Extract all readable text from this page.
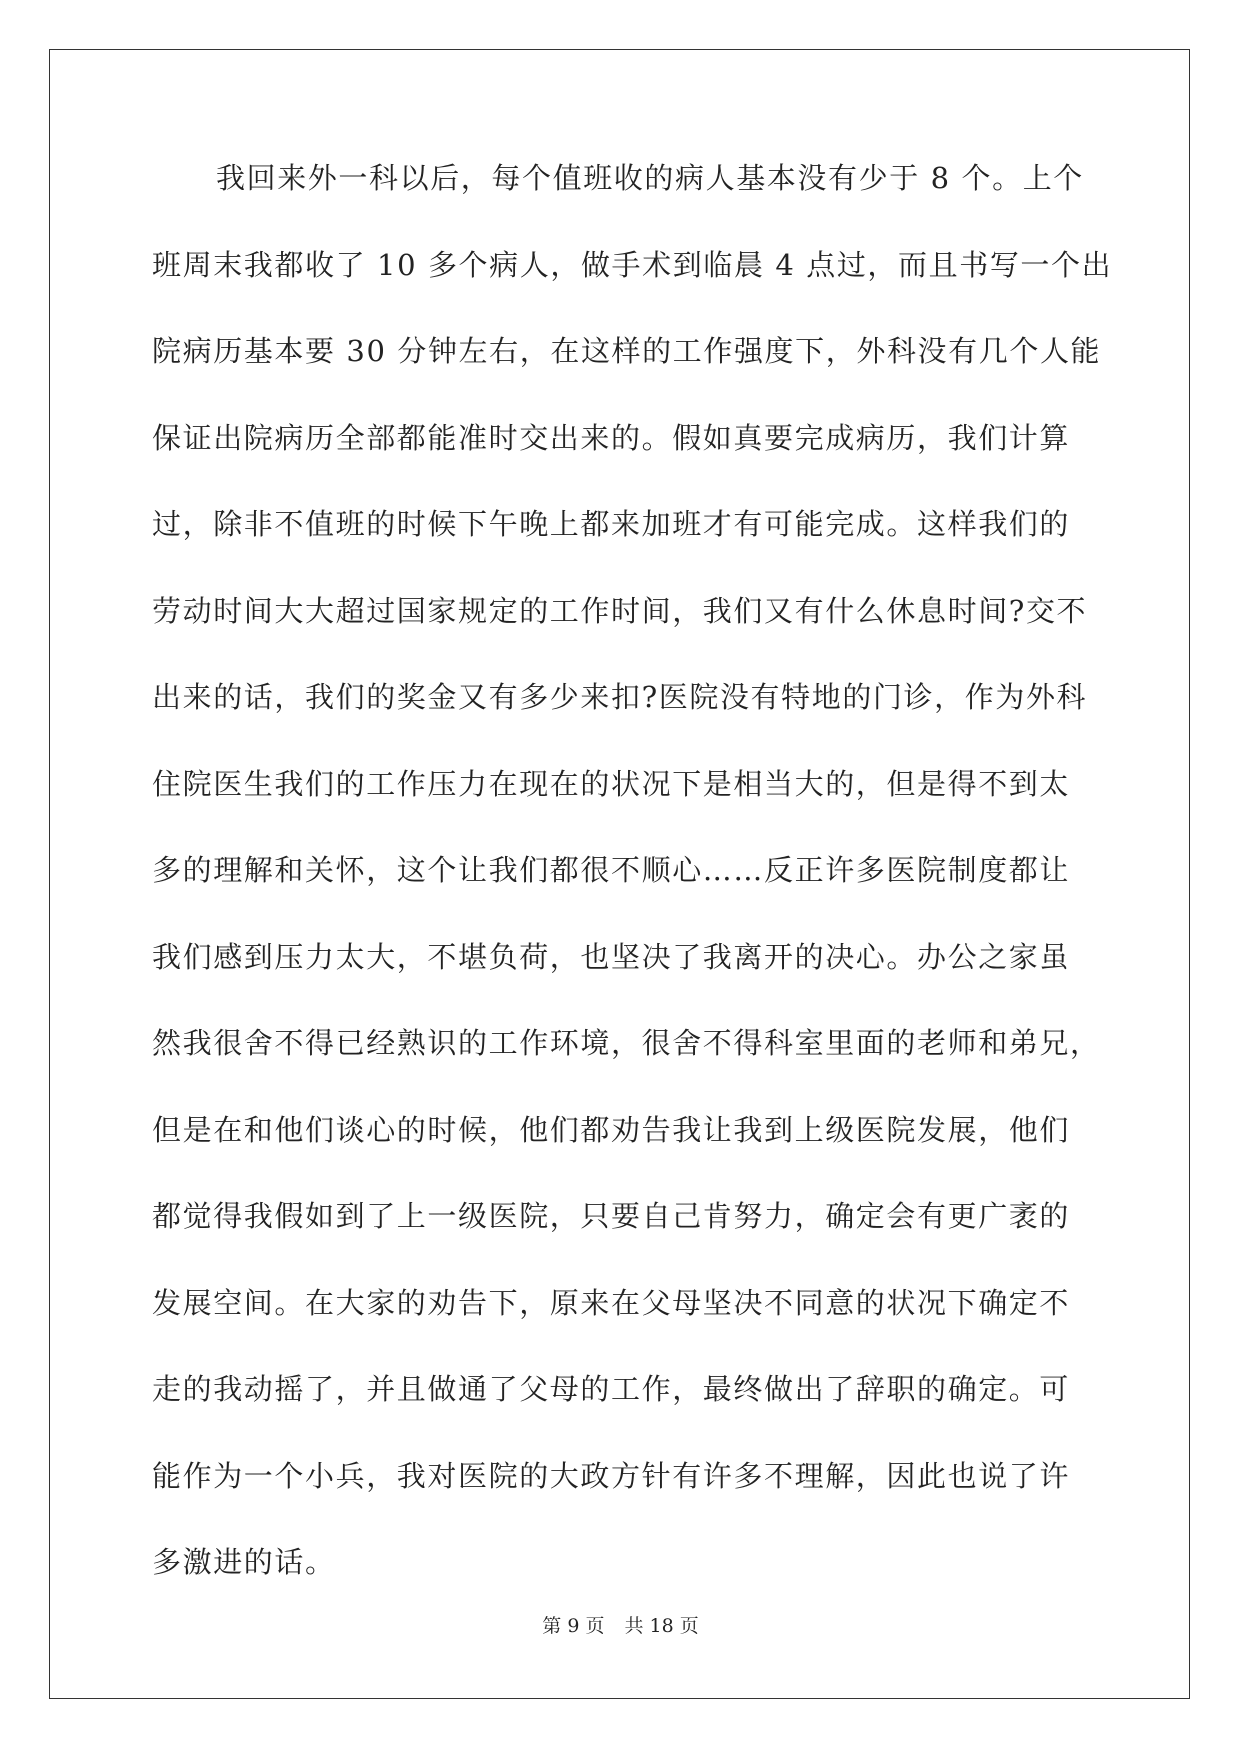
我回来外一科以后，每个值班收的病人基本没有少于 8 个。上个
班周末我都收了 10 多个病人，做手术到临晨 4 点过，而且书写一个出
院病历基本要 30 分钟左右，在这样的工作强度下，外科没有几个人能
保证出院病历全部都能准时交出来的。假如真要完成病历，我们计算
过，除非不值班的时候下午晚上都来加班才有可能完成。这样我们的
劳动时间大大超过国家规定的工作时间，我们又有什么休息时间?交不
出来的话，我们的奖金又有多少来扣?医院没有特地的门诊，作为外科
住院医生我们的工作压力在现在的状况下是相当大的，但是得不到太
多的理解和关怀，这个让我们都很不顺心……反正许多医院制度都让
我们感到压力太大，不堪负荷，也坚决了我离开的决心。办公之家虽
然我很舍不得已经熟识的工作环境，很舍不得科室里面的老师和弟兄，
但是在和他们谈心的时候，他们都劝告我让我到上级医院发展，他们
都觉得我假如到了上一级医院，只要自己肯努力，确定会有更广袤的
发展空间。在大家的劝告下，原来在父母坚决不同意的状况下确定不
走的我动摇了，并且做通了父母的工作，最终做出了辞职的确定。可
能作为一个小兵，我对医院的大政方针有许多不理解，因此也说了许
多激进的话。
第 9 页 共 18 页
